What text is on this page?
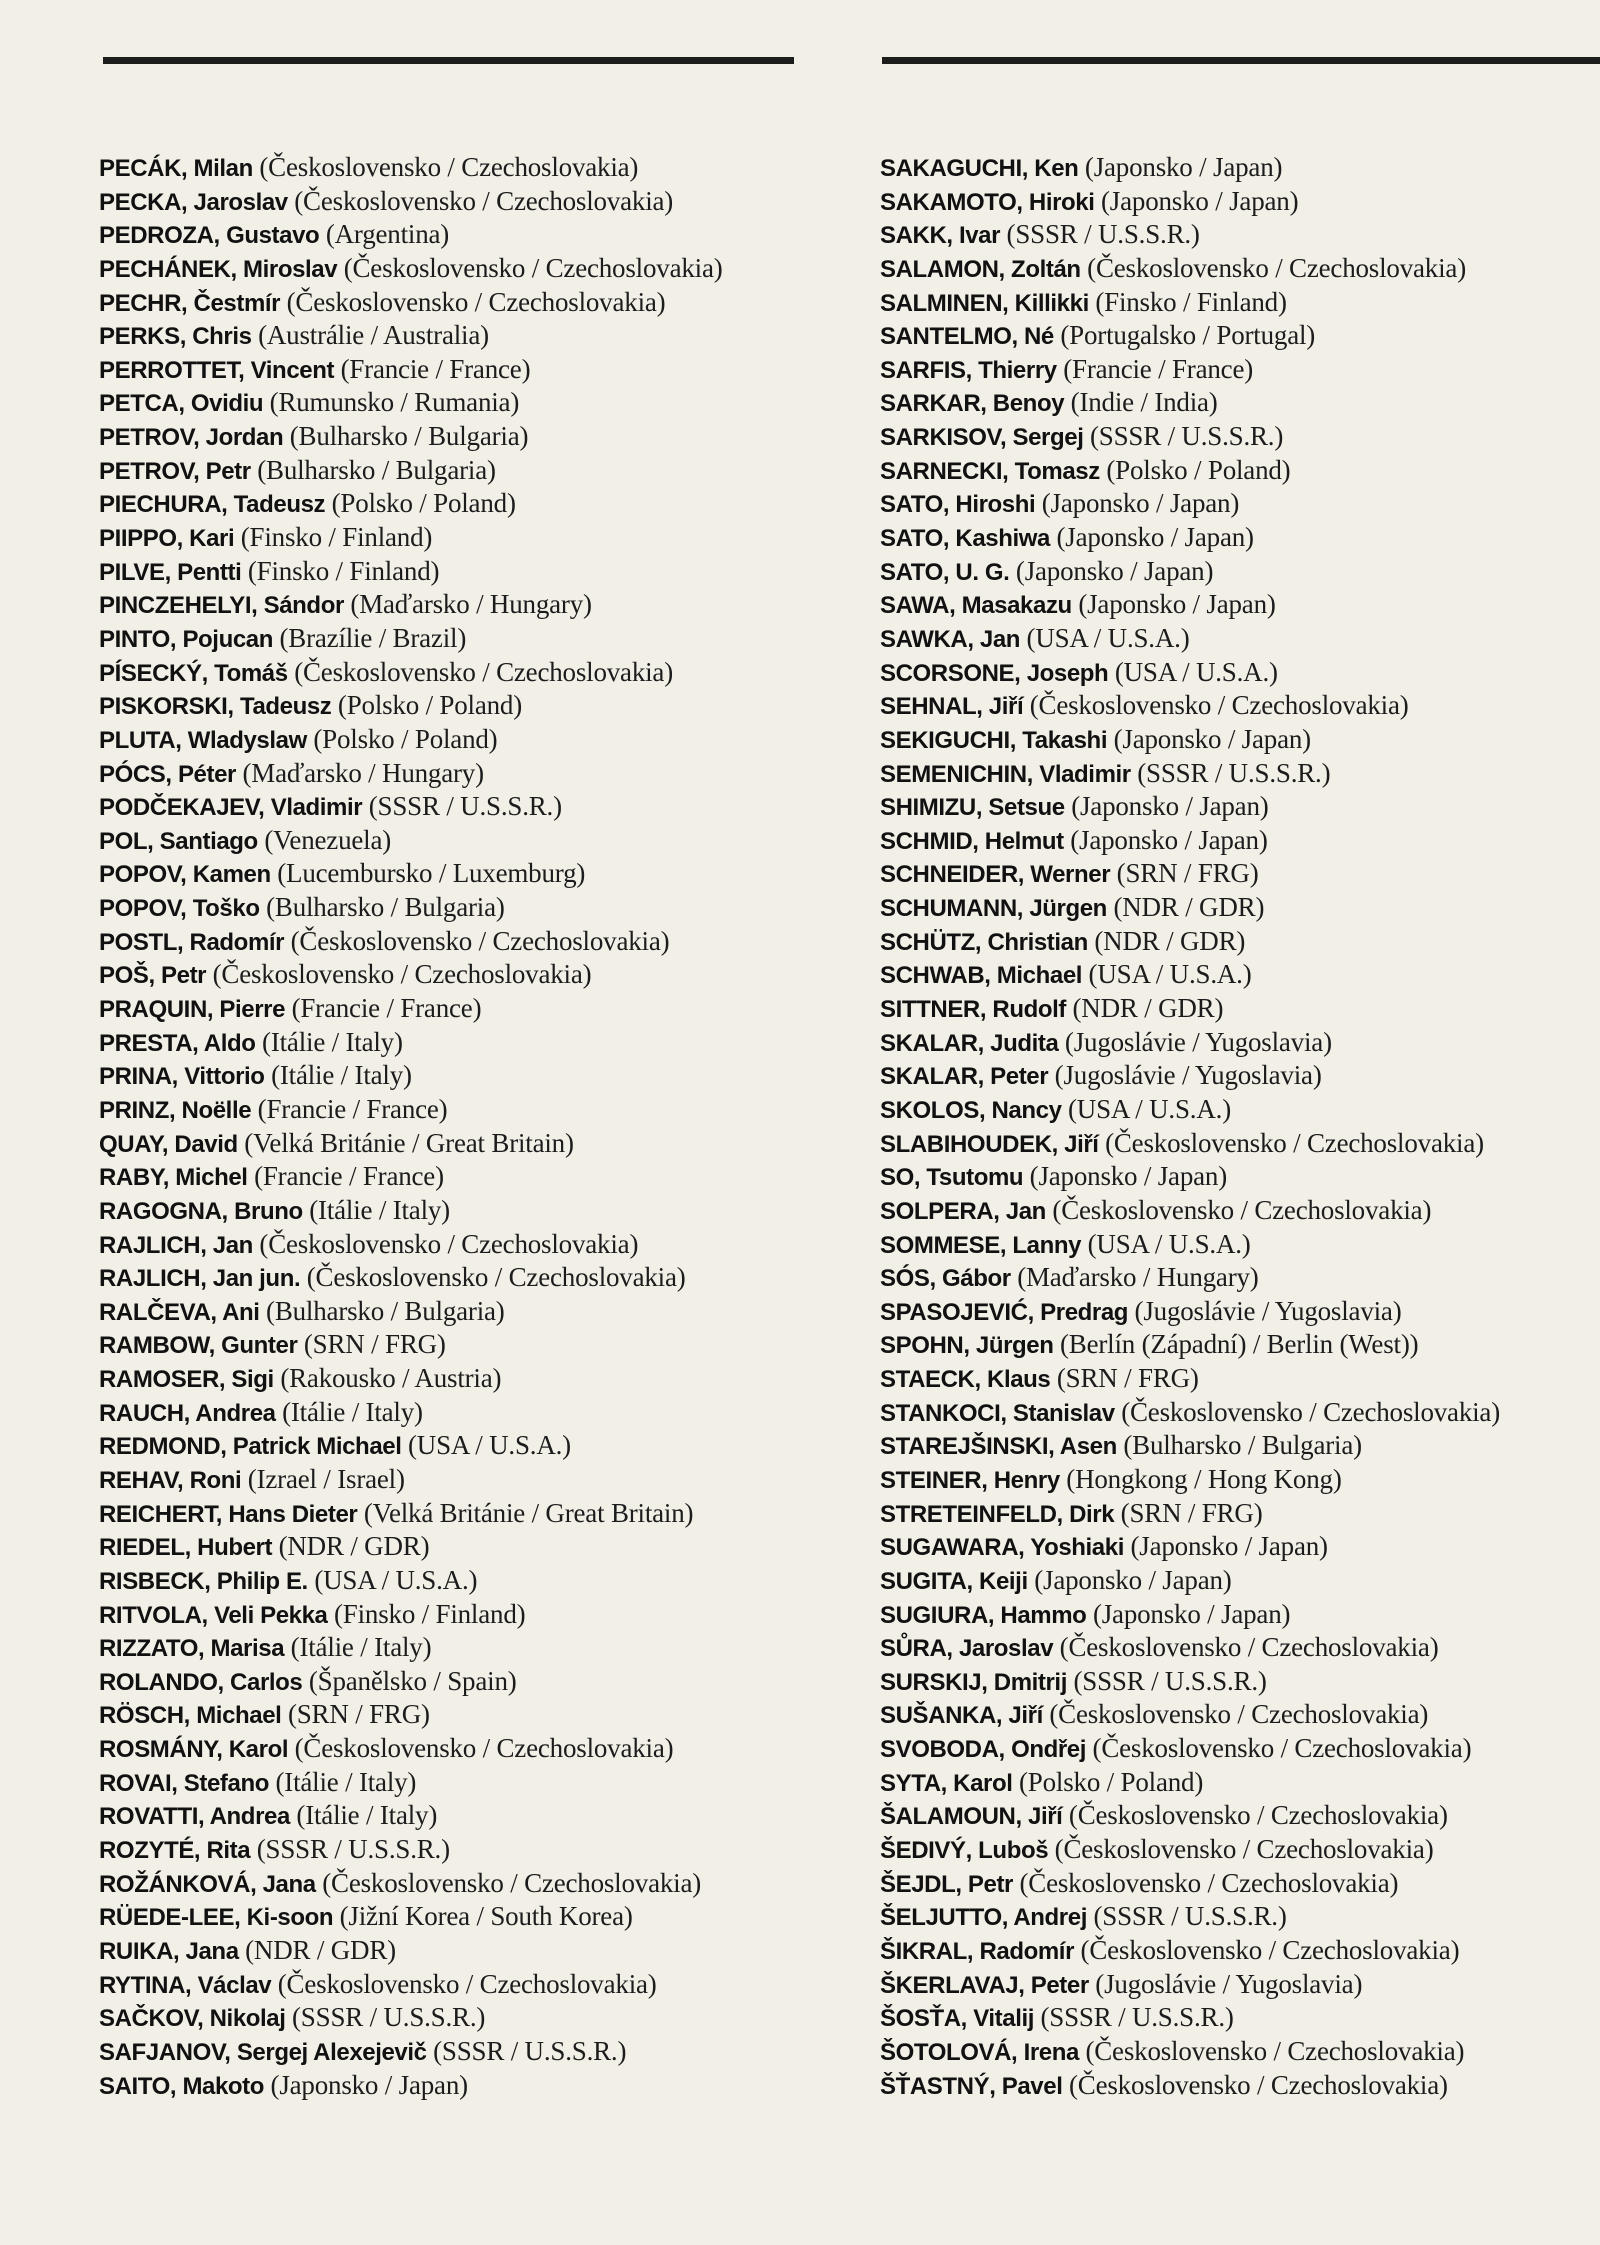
PECÁK, Milan (Československo / Czechoslovakia)
PECKA, Jaroslav (Československo / Czechoslovakia)
PEDROZA, Gustavo (Argentina)
PECHÁNEK, Miroslav (Československo / Czechoslovakia)
PECHR, Čestmír (Československo / Czechoslovakia)
PERKS, Chris (Austrálie / Australia)
PERROTTET, Vincent (Francie / France)
PETCA, Ovidiu (Rumunsko / Rumania)
PETROV, Jordan (Bulharsko / Bulgaria)
PETROV, Petr (Bulharsko / Bulgaria)
PIECHURA, Tadeusz (Polsko / Poland)
PIIPPO, Kari (Finsko / Finland)
PILVE, Pentti (Finsko / Finland)
PINCZEHELYI, Sándor (Maďarsko / Hungary)
PINTO, Pojucan (Brazílie / Brazil)
PÍSECKÝ, Tomáš (Československo / Czechoslovakia)
PISKORSKI, Tadeusz (Polsko / Poland)
PLUTA, Wladyslaw (Polsko / Poland)
PÓCS, Péter (Maďarsko / Hungary)
PODČEKAJEV, Vladimir (SSSR / U.S.S.R.)
POL, Santiago (Venezuela)
POPOV, Kamen (Lucembursko / Luxemburg)
POPOV, Toško (Bulharsko / Bulgaria)
POSTL, Radomír (Československo / Czechoslovakia)
POŠ, Petr (Československo / Czechoslovakia)
PRAQUIN, Pierre (Francie / France)
PRESTA, Aldo (Itálie / Italy)
PRINA, Vittorio (Itálie / Italy)
PRINZ, Noëlle (Francie / France)
QUAY, David (Velká Británie / Great Britain)
RABY, Michel (Francie / France)
RAGOGNA, Bruno (Itálie / Italy)
RAJLICH, Jan (Československo / Czechoslovakia)
RAJLICH, Jan jun. (Československo / Czechoslovakia)
RALČEVA, Ani (Bulharsko / Bulgaria)
RAMBOW, Gunter (SRN / FRG)
RAMOSER, Sigi (Rakousko / Austria)
RAUCH, Andrea (Itálie / Italy)
REDMOND, Patrick Michael (USA / U.S.A.)
REHAV, Roni (Izrael / Israel)
REICHERT, Hans Dieter (Velká Británie / Great Britain)
RIEDEL, Hubert (NDR / GDR)
RISBECK, Philip E. (USA / U.S.A.)
RITVOLA, Veli Pekka (Finsko / Finland)
RIZZATO, Marisa (Itálie / Italy)
ROLANDO, Carlos (Španělsko / Spain)
RÖSCH, Michael (SRN / FRG)
ROSMÁNY, Karol (Československo / Czechoslovakia)
ROVAI, Stefano (Itálie / Italy)
ROVATTI, Andrea (Itálie / Italy)
ROZYTÉ, Rita (SSSR / U.S.S.R.)
ROŽÁNKOVÁ, Jana (Československo / Czechoslovakia)
RÜEDE-LEE, Ki-soon (Jižní Korea / South Korea)
RUIKA, Jana (NDR / GDR)
RYTINA, Václav (Československo / Czechoslovakia)
SAČKOV, Nikolaj (SSSR / U.S.S.R.)
SAFJANOV, Sergej Alexejevič (SSSR / U.S.S.R.)
SAITO, Makoto (Japonsko / Japan)
SAKAGUCHI, Ken (Japonsko / Japan)
SAKAMOTO, Hiroki (Japonsko / Japan)
SAKK, Ivar (SSSR / U.S.S.R.)
SALAMON, Zoltán (Československo / Czechoslovakia)
SALMINEN, Killikki (Finsko / Finland)
SANTELMO, Né (Portugalsko / Portugal)
SARFIS, Thierry (Francie / France)
SARKAR, Benoy (Indie / India)
SARKISOV, Sergej (SSSR / U.S.S.R.)
SARNECKI, Tomasz (Polsko / Poland)
SATO, Hiroshi (Japonsko / Japan)
SATO, Kashiwa (Japonsko / Japan)
SATO, U. G. (Japonsko / Japan)
SAWA, Masakazu (Japonsko / Japan)
SAWKA, Jan (USA / U.S.A.)
SCORSONE, Joseph (USA / U.S.A.)
SEHNAL, Jiří (Československo / Czechoslovakia)
SEKIGUCHI, Takashi (Japonsko / Japan)
SEMENICHIN, Vladimir (SSSR / U.S.S.R.)
SHIMIZU, Setsue (Japonsko / Japan)
SCHMID, Helmut (Japonsko / Japan)
SCHNEIDER, Werner (SRN / FRG)
SCHUMANN, Jürgen (NDR / GDR)
SCHÜTZ, Christian (NDR / GDR)
SCHWAB, Michael (USA / U.S.A.)
SITTNER, Rudolf (NDR / GDR)
SKALAR, Judita (Jugoslávie / Yugoslavia)
SKALAR, Peter (Jugoslávie / Yugoslavia)
SKOLOS, Nancy (USA / U.S.A.)
SLABIHOUDEK, Jiří (Československo / Czechoslovakia)
SO, Tsutomu (Japonsko / Japan)
SOLPERA, Jan (Československo / Czechoslovakia)
SOMMESE, Lanny (USA / U.S.A.)
SÓS, Gábor (Maďarsko / Hungary)
SPASOJEVIĆ, Predrag (Jugoslávie / Yugoslavia)
SPOHN, Jürgen (Berlín (Západní) / Berlin (West))
STAECK, Klaus (SRN / FRG)
STANKOCI, Stanislav (Československo / Czechoslovakia)
STAREJŠINSKI, Asen (Bulharsko / Bulgaria)
STEINER, Henry (Hongkong / Hong Kong)
STRETEINFELD, Dirk (SRN / FRG)
SUGAWARA, Yoshiaki (Japonsko / Japan)
SUGITA, Keiji (Japonsko / Japan)
SUGIURA, Hammo (Japonsko / Japan)
SŮRA, Jaroslav (Československo / Czechoslovakia)
SURSKIJ, Dmitrij (SSSR / U.S.S.R.)
SUŠANKA, Jiří (Československo / Czechoslovakia)
SVOBODA, Ondřej (Československo / Czechoslovakia)
SYTA, Karol (Polsko / Poland)
ŠALAMOUN, Jiří (Československo / Czechoslovakia)
ŠEDIVÝ, Luboš (Československo / Czechoslovakia)
ŠEJDL, Petr (Československo / Czechoslovakia)
ŠELJUTTO, Andrej (SSSR / U.S.S.R.)
ŠIKRAL, Radomír (Československo / Czechoslovakia)
ŠKERLAVAJ, Peter (Jugoslávie / Yugoslavia)
ŠOSŤA, Vitalij (SSSR / U.S.S.R.)
ŠOTOLOVÁ, Irena (Československo / Czechoslovakia)
ŠŤASTNÝ, Pavel (Československo / Czechoslovakia)
